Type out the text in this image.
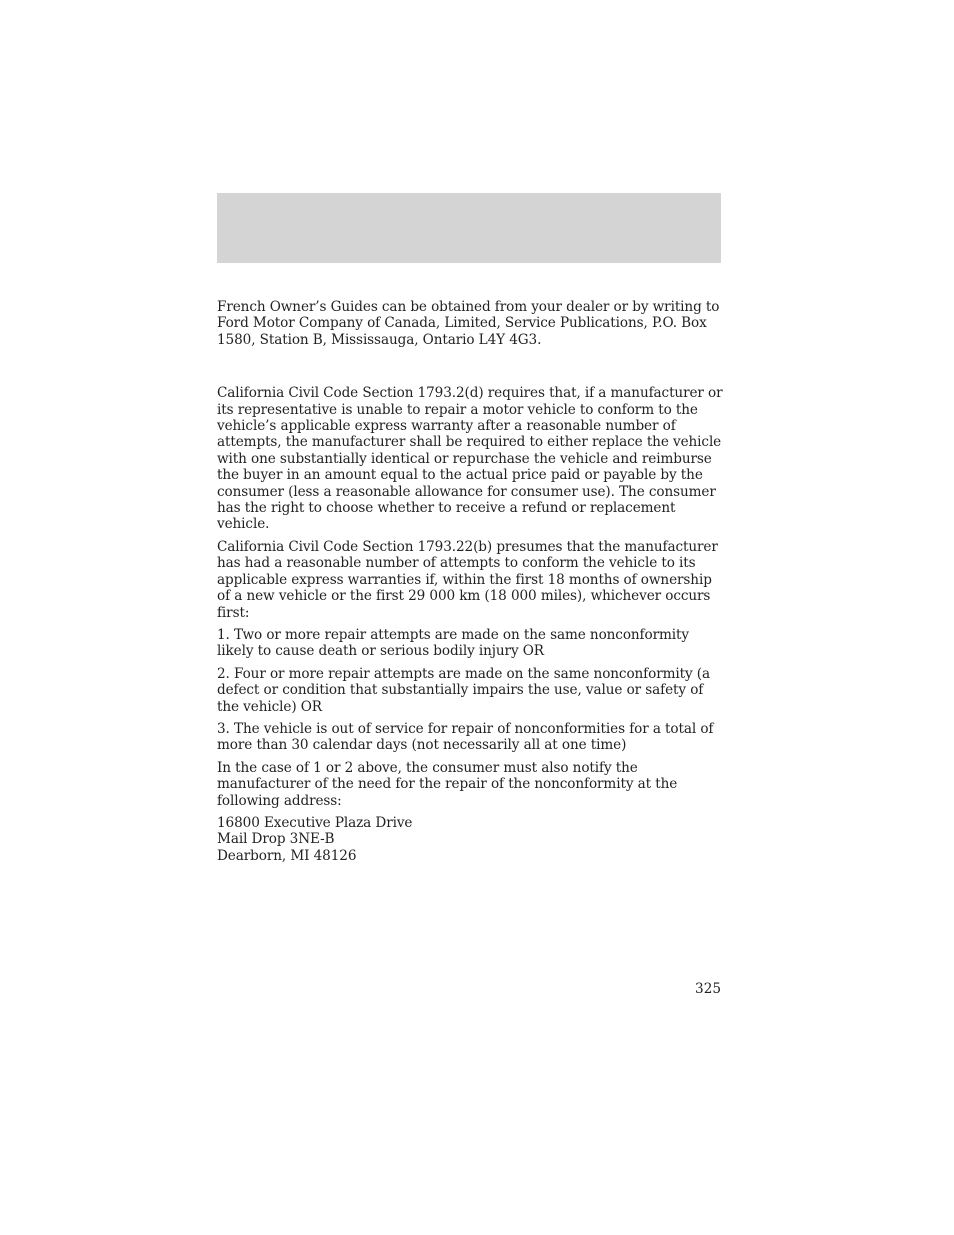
French Owner’s Guides can be obtained from your dealer or by writing to Ford Motor Company of Canada, Limited, Service Publications, P.O. Box 1580, Station B, Mississauga, Ontario L4Y 4G3.

California Civil Code Section 1793.2(d) requires that, if a manufacturer or its representative is unable to repair a motor vehicle to conform to the vehicle’s applicable express warranty after a reasonable number of attempts, the manufacturer shall be required to either replace the vehicle with one substantially identical or repurchase the vehicle and reimburse the buyer in an amount equal to the actual price paid or payable by the consumer (less a reasonable allowance for consumer use). The consumer has the right to choose whether to receive a refund or replacement vehicle.

California Civil Code Section 1793.22(b) presumes that the manufacturer has had a reasonable number of attempts to conform the vehicle to its applicable express warranties if, within the first 18 months of ownership of a new vehicle or the first 29 000 km (18 000 miles), whichever occurs first:

1. Two or more repair attempts are made on the same nonconformity likely to cause death or serious bodily injury OR

2. Four or more repair attempts are made on the same nonconformity (a defect or condition that substantially impairs the use, value or safety of the vehicle) OR

3. The vehicle is out of service for repair of nonconformities for a total of more than 30 calendar days (not necessarily all at one time)

In the case of 1 or 2 above, the consumer must also notify the manufacturer of the need for the repair of the nonconformity at the following address:

16800 Executive Plaza Drive
Mail Drop 3NE-B
Dearborn, MI 48126

325
